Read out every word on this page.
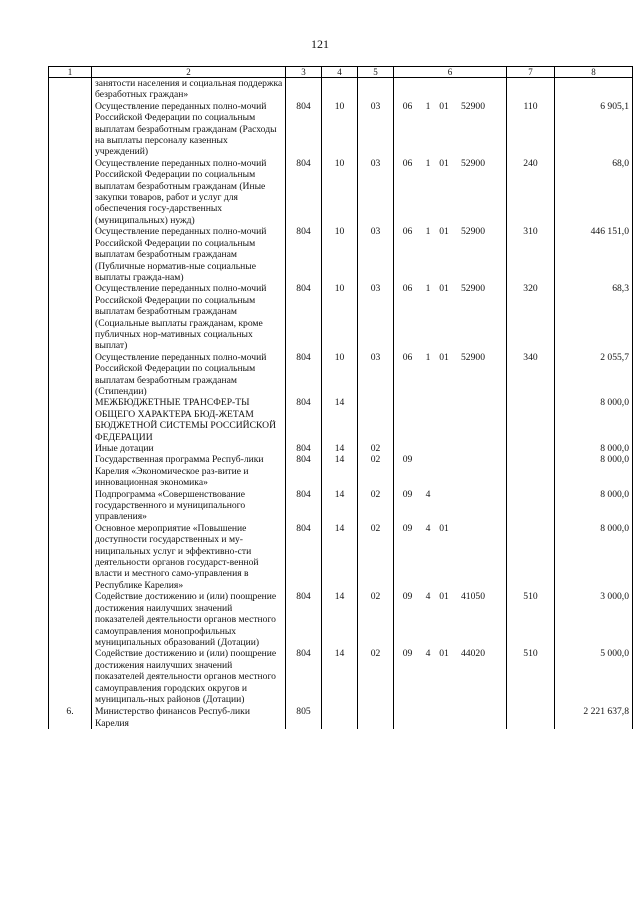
121
1	2	3	4	5	6	7	8
	занятости населения и социальная поддержка безработных граждан»				

	Осуществление переданных полно-мочий Российской Федерации по социальным выплатам безработным гражданам (Расходы на выплаты персоналу казенных учреждений)	804	10	03	06 1 01 52900	110	6 905,1
	Осуществление переданных полно-мочий Российской Федерации по социальным выплатам безработным гражданам (Иные закупки товаров, работ и услуг для обеспечения госу-дарственных (муниципальных) нужд)	804	10	03	06 1 01 52900	240	68,0
	Осуществление переданных полно-мочий Российской Федерации по социальным выплатам безработным гражданам (Публичные норматив-ные социальные выплаты гражда-нам)	804	10	03	06 1 01 52900	310	446 151,0
	Осуществление переданных полно-мочий Российской Федерации по социальным выплатам безработным гражданам (Социальные выплаты гражданам, кроме публичных нор-мативных социальных выплат)	804	10	03	06 1 01 52900	320	68,3
	Осуществление переданных полно-мочий Российской Федерации по социальным выплатам безработным гражданам (Стипендии)	804	10	03	06 1 01 52900	340	2 055,7
	МЕЖБЮДЖЕТНЫЕ ТРАНСФЕР-ТЫ ОБЩЕГО ХАРАКТЕРА БЮД-ЖЕТАМ БЮДЖЕТНОЙ СИСТЕМЫ РОССИЙСКОЙ ФЕДЕРАЦИИ	804	14				8 000,0
	Иные дотации	804	14	02			8 000,0
	Государственная программа Респуб-лики Карелия «Экономическое раз-витие и инновационная экономика»	804	14	02	09		8 000,0
	Подпрограмма «Совершенствование государственного и муниципального управления»	804	14	02	09 4		8 000,0
	Основное мероприятие «Повышение доступности государственных и му-ниципальных услуг и эффективно-сти деятельности органов государст-венной власти и местного само-управления в Республике Карелия»	804	14	02	09 4 01		8 000,0
	Содействие достижению и (или) поощрение достижения наилучших значений показателей деятельности органов местного самоуправления монопрофильных муниципальных образований (Дотации)	804	14	02	09 4 01 41050	510	3 000,0
	Содействие достижению и (или) поощрение достижения наилучших значений показателей деятельности органов местного самоуправления городских округов и муниципаль-ных районов (Дотации)	804	14	02	09 4 01 44020	510	5 000,0
6.	Министерство финансов Респуб-лики Карелия	805					2 221 637,8
